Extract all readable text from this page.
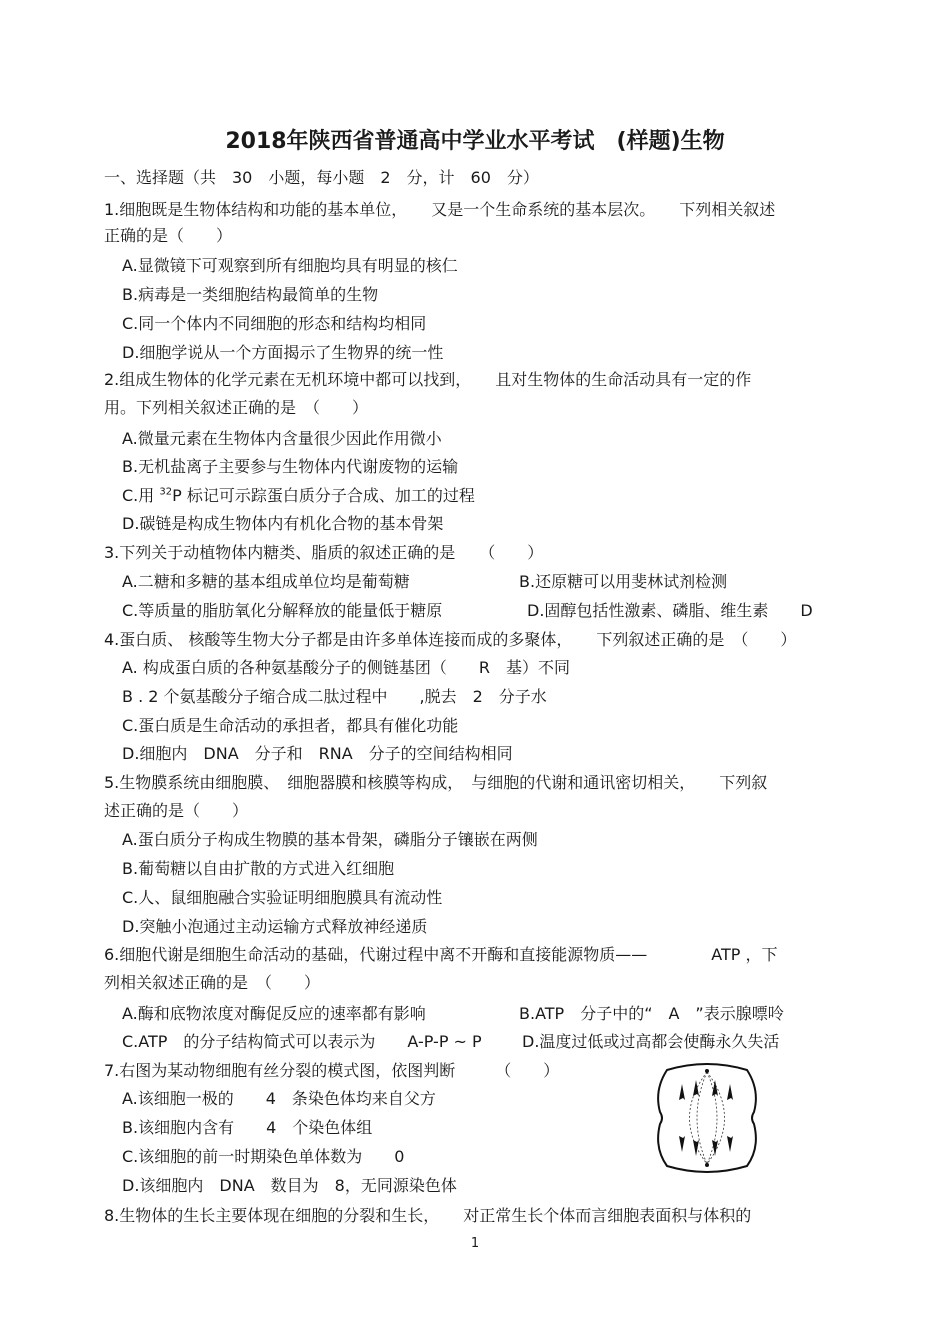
2018年陕西省普通高中学业水平考试　(样题)生物
一、选择题（共　30　小题，每小题　2　分，计　60　分）
1.细胞既是生物体结构和功能的基本单位，　　又是一个生命系统的基本层次。　　下列相关叙述
正确的是（　　）
A.显微镜下可观察到所有细胞均具有明显的核仁
B.病毒是一类细胞结构最简单的生物
C.同一个体内不同细胞的形态和结构均相同
D.细胞学说从一个方面揭示了生物界的统一性
2.组成生物体的化学元素在无机环境中都可以找到，　　且对生物体的生命活动具有一定的作
用。下列相关叙述正确的是　（　　）
A.微量元素在生物体内含量很少因此作用微小
B.无机盐离子主要参与生物体内代谢废物的运输
C.用 $^{32}$P 标记可示踪蛋白质分子合成、加工的过程
D.碳链是构成生物体内有机化合物的基本骨架
3.下列关于动植物体内糖类、脂质的叙述正确的是　　（　　）
A.二糖和多糖的基本组成单位均是葡萄糖	B.还原糖可以用斐林试剂检测
C.等质量的脂肪氧化分解释放的能量低于糖原	D.固醇包括性激素、磷脂、维生素　　D
4.蛋白质、 核酸等生物大分子都是由许多单体连接而成的多聚体，　　下列叙述正确的是　（　　）
A. 构成蛋白质的各种氨基酸分子的侧链基团（　　R　基）不同
B . 2 个氨基酸分子缩合成二肽过程中　　,脱去　2　分子水
C.蛋白质是生命活动的承担者，都具有催化功能
D.细胞内　DNA　分子和　RNA　分子的空间结构相同
5.生物膜系统由细胞膜、　细胞器膜和核膜等构成，　与细胞的代谢和通讯密切相关，　　下列叙
述正确的是（　　）
A.蛋白质分子构成生物膜的基本骨架，磷脂分子镶嵌在两侧
B.葡萄糖以自由扩散的方式进入红细胞
C.人、鼠细胞融合实验证明细胞膜具有流动性
D.突触小泡通过主动运输方式释放神经递质
6.细胞代谢是细胞生命活动的基础，代谢过程中离不开酶和直接能源物质——　　　　ATP ，下
列相关叙述正确的是　（　　）
A.酶和底物浓度对酶促反应的速率都有影响	B.ATP　分子中的“　A　”表示腺嘌呤
C.ATP　的分子结构简式可以表示为　　A-P-P ~ P	D.温度过低或过高都会使酶永久失活
7.右图为某动物细胞有丝分裂的模式图，依图判断　　　（　　）
A.该细胞一极的　　4　条染色体均来自父方
B.该细胞内含有　　4　个染色体组
C.该细胞的前一时期染色单体数为　　0
D.该细胞内　DNA　数目为　8，无同源染色体
8.生物体的生长主要体现在细胞的分裂和生长，　　对正常生长个体而言细胞表面积与体积的
1
